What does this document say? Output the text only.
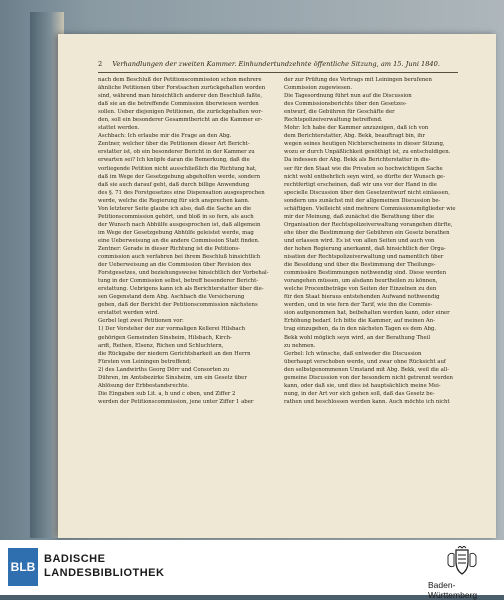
2 Verhandlungen der zweiten Kammer. Einhundertundzehnte öffentliche Sitzung, am 15. Juni 1840.
nach dem Beschluß der Petitionscommission schon mehrere
ähnliche Petitionen über Forstsachen zurückgehalten worden
sind, während man hinsichtlich anderer den Beschluß faßte,
daß sie an die betreffende Commission überwiesen werden
sollen. Ueber diejenigen Petitionen, die zurückgehalten wor-
den, soll ein besonderer Gesammtbericht an die Kammer er-
stattet werden.
Aschbach: Ich erlaube mir die Frage an den Abg.
Zentner, welcher über die Petitionen dieser Art Bericht-
erstatter ist, ob ein besonderer Bericht in der Kammer zu
erwarten sei? Ich knüpfe daran die Bemerkung, daß die
vorliegende Petition nicht ausschließlich die Richtung hat,
daß im Wege der Gesetzgebung abgeholfen werde, sondern
daß sie auch darauf geht, daß durch billige Anwendung
des §. 71 des Forstgesetzes eine Dispensation ausgesprochen
werde, welche die Regierung für sich ansprechen kann.
Von letzterer Seite glaube ich also, daß die Sache an die
Petitionscommission gehört, und bloß in so fern, als auch
der Wunsch nach Abhülfe ausgesprochen ist, daß allgemein
im Wege der Gesetzgebung Abhülfe geleistet werde, mag
eine Ueberweisung an die andere Commission Statt finden.
Zentner: Gerade in dieser Richtung ist die Petitions-
commission auch verfahren bei ihrem Beschluß hinsichtlich
der Ueberweisung an die Commission über Revision des
Forstgesetzes, und beziehungsweise hinsichtlich der Vorbehal-
tung in der Commission selbst, betreff besonderer Bericht-
erstattung. Uebrigens kann ich als Berichterstatter über die-
sen Gegenstand dem Abg. Aschbach die Versicherung
geben, daß der Bericht der Petitionscommission nächstens
erstattet werden wird.
Gerbel legt zwei Petitionen vor:
1) Der Vorsteher der zur vormaligen Kellerei Hilsbach
gehörigen Gemeinden Sinsheim, Hilsbach, Kirch-
ardt, Reihen, Elsenz, Richen und Schluchtern,
die Rückgabe der niedern Gerichtsbarkeit an den Herrn
Fürsten von Leiningen betreffend;
2) des Landwirths Georg Dörr und Consorten zu
Dühren, im Amtsbezirke Sinsheim, um ein Gesetz über
Ablösung der Erbbestandsrechte.
Die Eingaben sub Lit. a, b und c oben, und Ziffer 2
werden der Petitionscommission, jene unter Ziffer 1 aber
der zur Prüfung des Vertrags mit Leiningen berufenen
Commission zugewiesen.
Die Tagesordnung führt nun auf die Discussion
des Commissionsberichts über den Gesetzes-
entwurf, die Gebühren für Geschäfte der
Rechtspolizeiverwaltung betreffend.
Mohr: Ich habe der Kammer anzuzeigen, daß ich von
dem Berichterstatter, Abg. Bekk, beauftragt bin, ihr
wegen seines heutigen Nichterscheinens in dieser Sitzung,
wozu er durch Unpäßlichkeit genöthigt ist, zu entschuldigen.
Da indessen der Abg. Bekk als Berichterstatter in die-
ser für den Staat wie die Privaten so hochwichtigen Sache
nicht wohl entbehrlich seyn wird, so dürfte der Wunsch ge-
rechtfertigt erscheinen, daß wir uns vor der Hand in die
specielle Discussion über den Gesetzentwurf nicht einlassen,
sondern uns zunächst mit der allgemeinen Discussion be-
schäftigen. Vielleicht sind mehrere Commissionsmitglieder wie
mir der Meinung, daß zunächst die Berathung über die
Organisation der Rechtspolizeiverwaltung vorangehen dürfte,
ehe über die Bestimmung der Gebühren ein Gesetz berathen
und erlassen wird. Es ist von allen Seiten und auch von
der hohen Regierung anerkannt, daß hinsichtlich der Orga-
nisation der Rechtspolizeiverwaltung und namentlich über
die Besoldung und über die Bestimmung der Theilungs-
commissäre Bestimmungen nothwendig sind. Diese werden
vorangehen müssen, um alsdann beurtheilen zu können,
welche Procentbeträge von Seiten der Einzelnen zu den
für den Staat hieraus entstehenden Aufwand nothwendig
werden, und in wie fern der Tarif, wie ihn die Commis-
sion aufgenommen hat, beibehalten werden kann, oder einer
Erhöhung bedarf. Ich bitte die Kammer, auf meinen An-
trag einzugehen, da in den nächsten Tagen es dem Abg.
Bekk wohl möglich seyn wird, an der Berathung Theil
zu nehmen.
Gerbel: Ich wünsche, daß entweder die Discussion
überhaupt verschoben werde, und zwar ohne Rücksicht auf
den selbstgenommenen Umstand mit Abg. Bekk, weil die all-
gemeine Discussion von der besondern nicht getrennt werden
kann, oder daß sie, und dies ist hauptsächlich meine Mei-
nung, in der Art vor sich gehen soll, daß das Gesetz be-
rathen und beschlossen werden kann. Auch möchte ich nicht
BLB
BADISCHE
LANDESBIBLIOTHEK
Baden-Württemberg
